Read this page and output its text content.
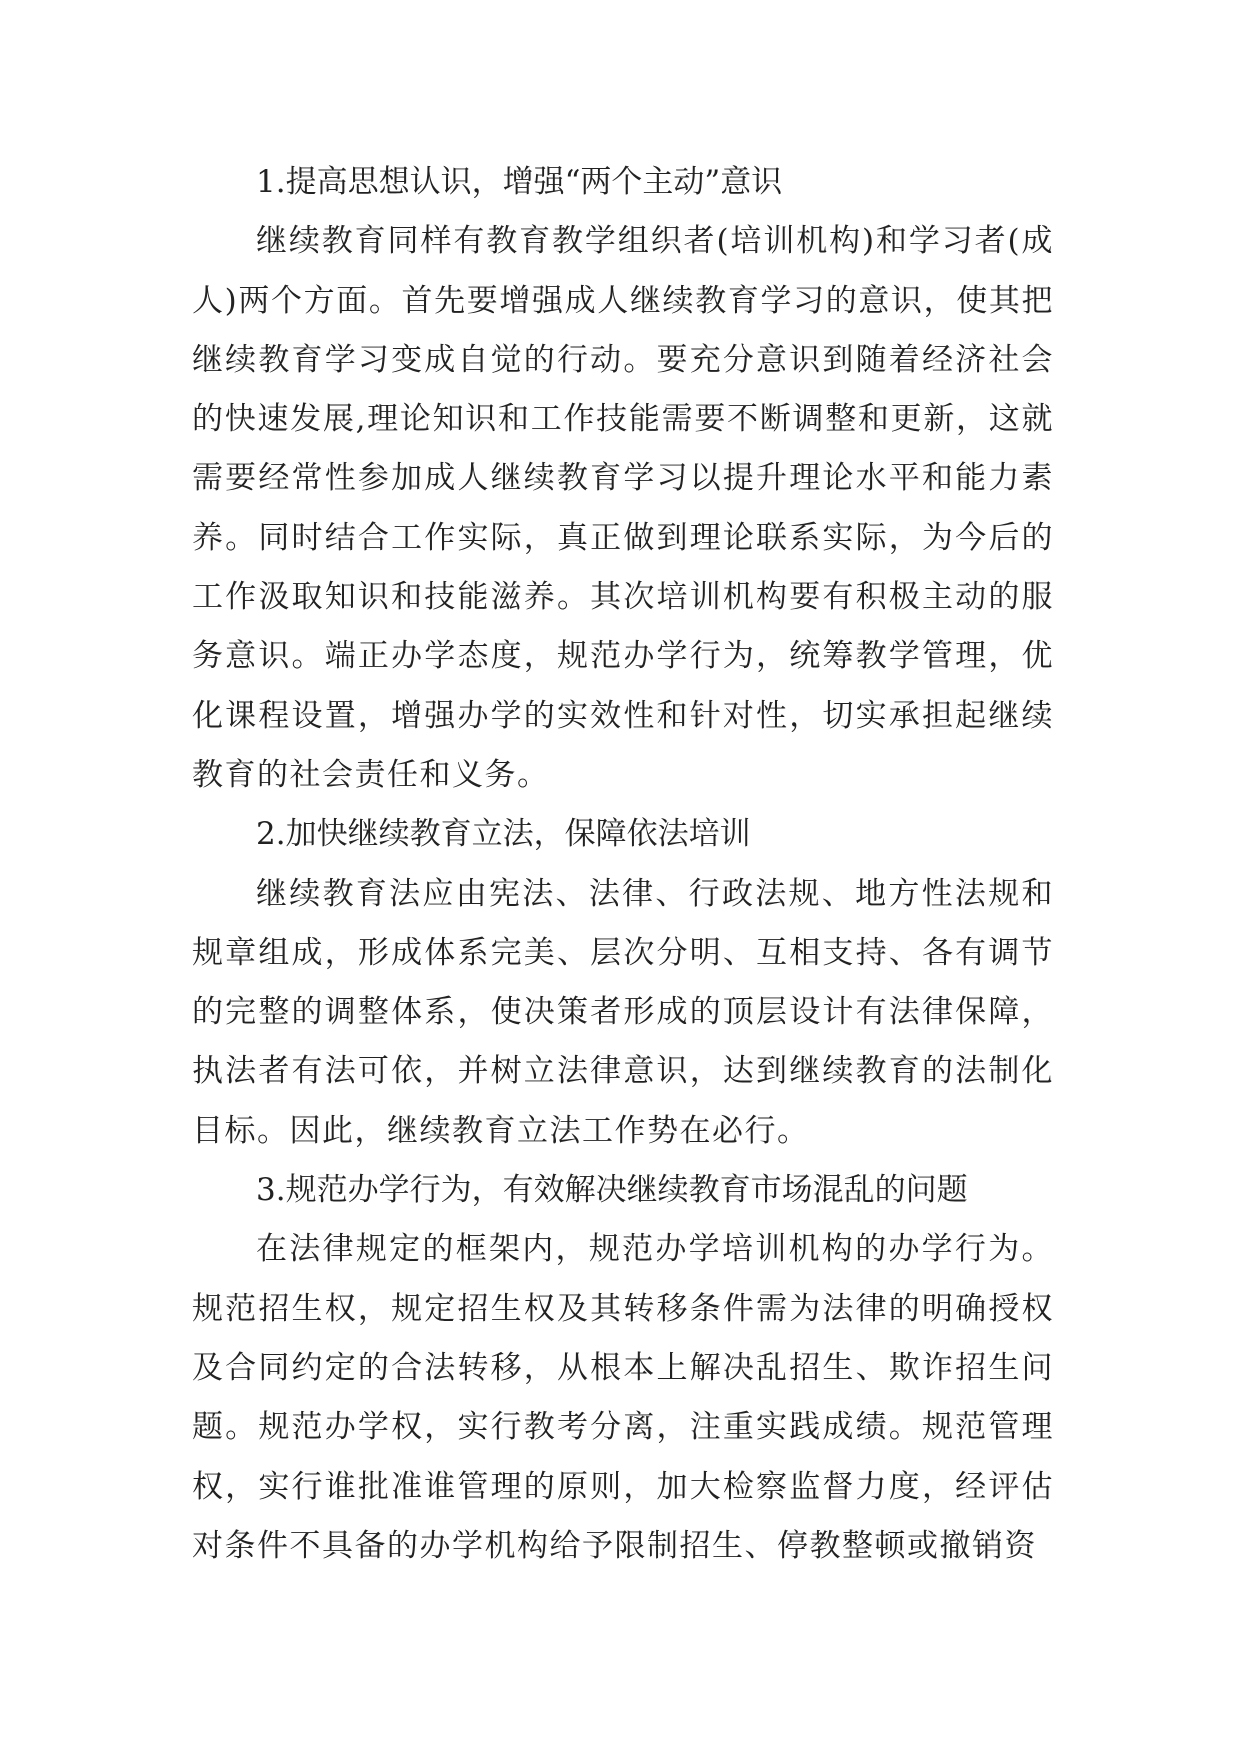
1.提高思想认识，增强“两个主动”意识

继续教育同样有教育教学组织者(培训机构)和学习者(成人)两个方面。首先要增强成人继续教育学习的意识，使其把继续教育学习变成自觉的行动。要充分意识到随着经济社会的快速发展,理论知识和工作技能需要不断调整和更新，这就需要经常性参加成人继续教育学习以提升理论水平和能力素养。同时结合工作实际，真正做到理论联系实际，为今后的工作汲取知识和技能滋养。其次培训机构要有积极主动的服务意识。端正办学态度，规范办学行为，统筹教学管理，优化课程设置，增强办学的实效性和针对性，切实承担起继续教育的社会责任和义务。

2.加快继续教育立法，保障依法培训

继续教育法应由宪法、法律、行政法规、地方性法规和规章组成，形成体系完美、层次分明、互相支持、各有调节的完整的调整体系，使决策者形成的顶层设计有法律保障，执法者有法可依，并树立法律意识，达到继续教育的法制化目标。因此，继续教育立法工作势在必行。

3.规范办学行为，有效解决继续教育市场混乱的问题

在法律规定的框架内，规范办学培训机构的办学行为。规范招生权，规定招生权及其转移条件需为法律的明确授权及合同约定的合法转移，从根本上解决乱招生、欺诈招生问题。规范办学权，实行教考分离，注重实践成绩。规范管理权，实行谁批准谁管理的原则，加大检察监督力度，经评估对条件不具备的办学机构给予限制招生、停教整顿或撤销资
